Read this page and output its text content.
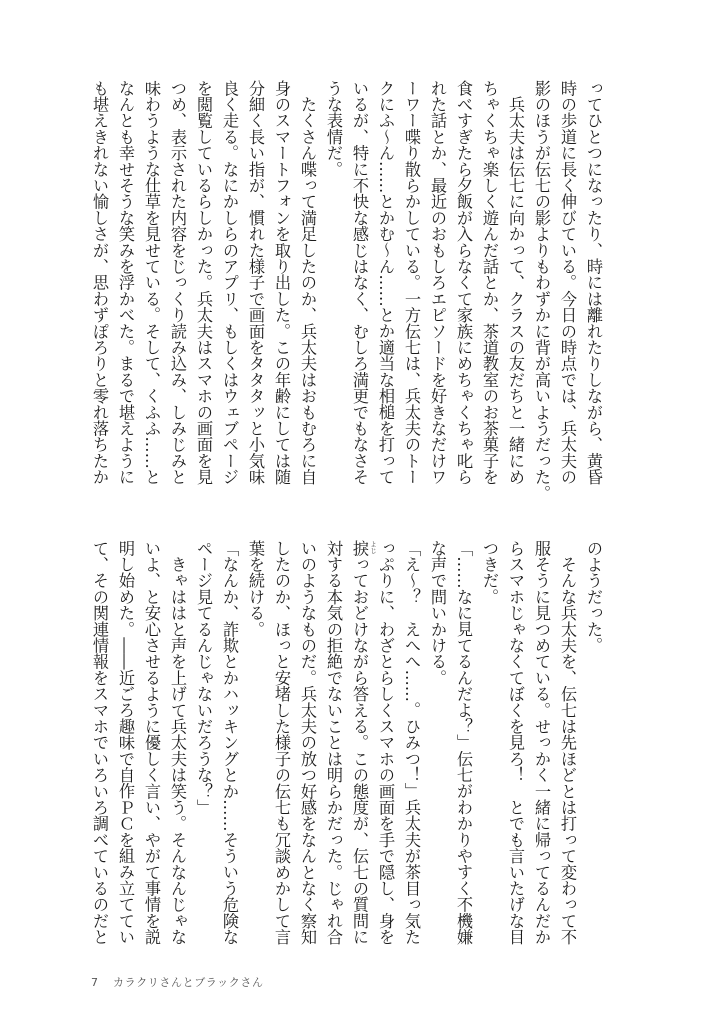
ってひとつになったり、時には離れたりしながら、黄昏
時の歩道に長く伸びている。今日の時点では、兵太夫の
影のほうが伝七の影よりもわずかに背が高いようだった。
　兵太夫は伝七に向かって、クラスの友だちと一緒にめ
ちゃくちゃ楽しく遊んだ話とか、茶道教室のお茶菓子を
食べすぎたら夕飯が入らなくて家族にめちゃくちゃ叱ら
れた話とか、最近のおもしろエピソードを好きなだけワ
ーワー喋り散らかしている。一方伝七は、兵太夫のトー
クにふ〜ん……とかむ〜ん……とか適当な相槌を打って
いるが、特に不快な感じはなく、むしろ満更でもなさそ
うな表情だ。
　たくさん喋って満足したのか、兵太夫はおもむろに自
身のスマートフォンを取り出した。この年齢にしては随
分細く長い指が、慣れた様子で画面をタタタッと小気味
良く走る。なにかしらのアプリ、もしくはウェブページ
を閲覧しているらしかった。兵太夫はスマホの画面を見
つめ、表示された内容をじっくり読み込み、しみじみと
味わうような仕草を見せている。そして、くふふ……と
なんとも幸せそうな笑みを浮かべた。まるで堪えように
も堪えきれない愉しさが、思わずぽろりと零れ落ちたか
のようだった。
　そんな兵太夫を、伝七は先ほどとは打って変わって不
服そうに見つめている。せっかく一緒に帰ってるんだか
らスマホじゃなくてぼくを見ろ！　とでも言いたげな目
つきだ。
「……なに見てるんだよ？」伝七がわかりやすく不機嫌
な声で問いかける。
「え〜？　えへへ……。ひみつ！」兵太夫が茶目っ気た
っぷりに、わざとらしくスマホの画面を手で隠し、身を
捩 よじ
っておどけながら答える。この態度が、伝七の質問に
対する本気の拒絶でないことは明らかだった。じゃれ合
いのようなものだ。兵太夫の放つ好感をなんとなく察知
したのか、ほっと安堵した様子の伝七も冗談めかして言
葉を続ける。
「なんか、詐欺とかハッキングとか……そういう危険な
ページ見てるんじゃないだろうな？」
　きゃははと声を上げて兵太夫は笑う。そんなんじゃな
いよ、と安心させるように優しく言い、やがて事情を説
明し始めた。――近ごろ趣味で自作ＰＣを組み立ててい
て、その関連情報をスマホでいろいろ調べているのだと
7 カラクリさんとブラックさん
